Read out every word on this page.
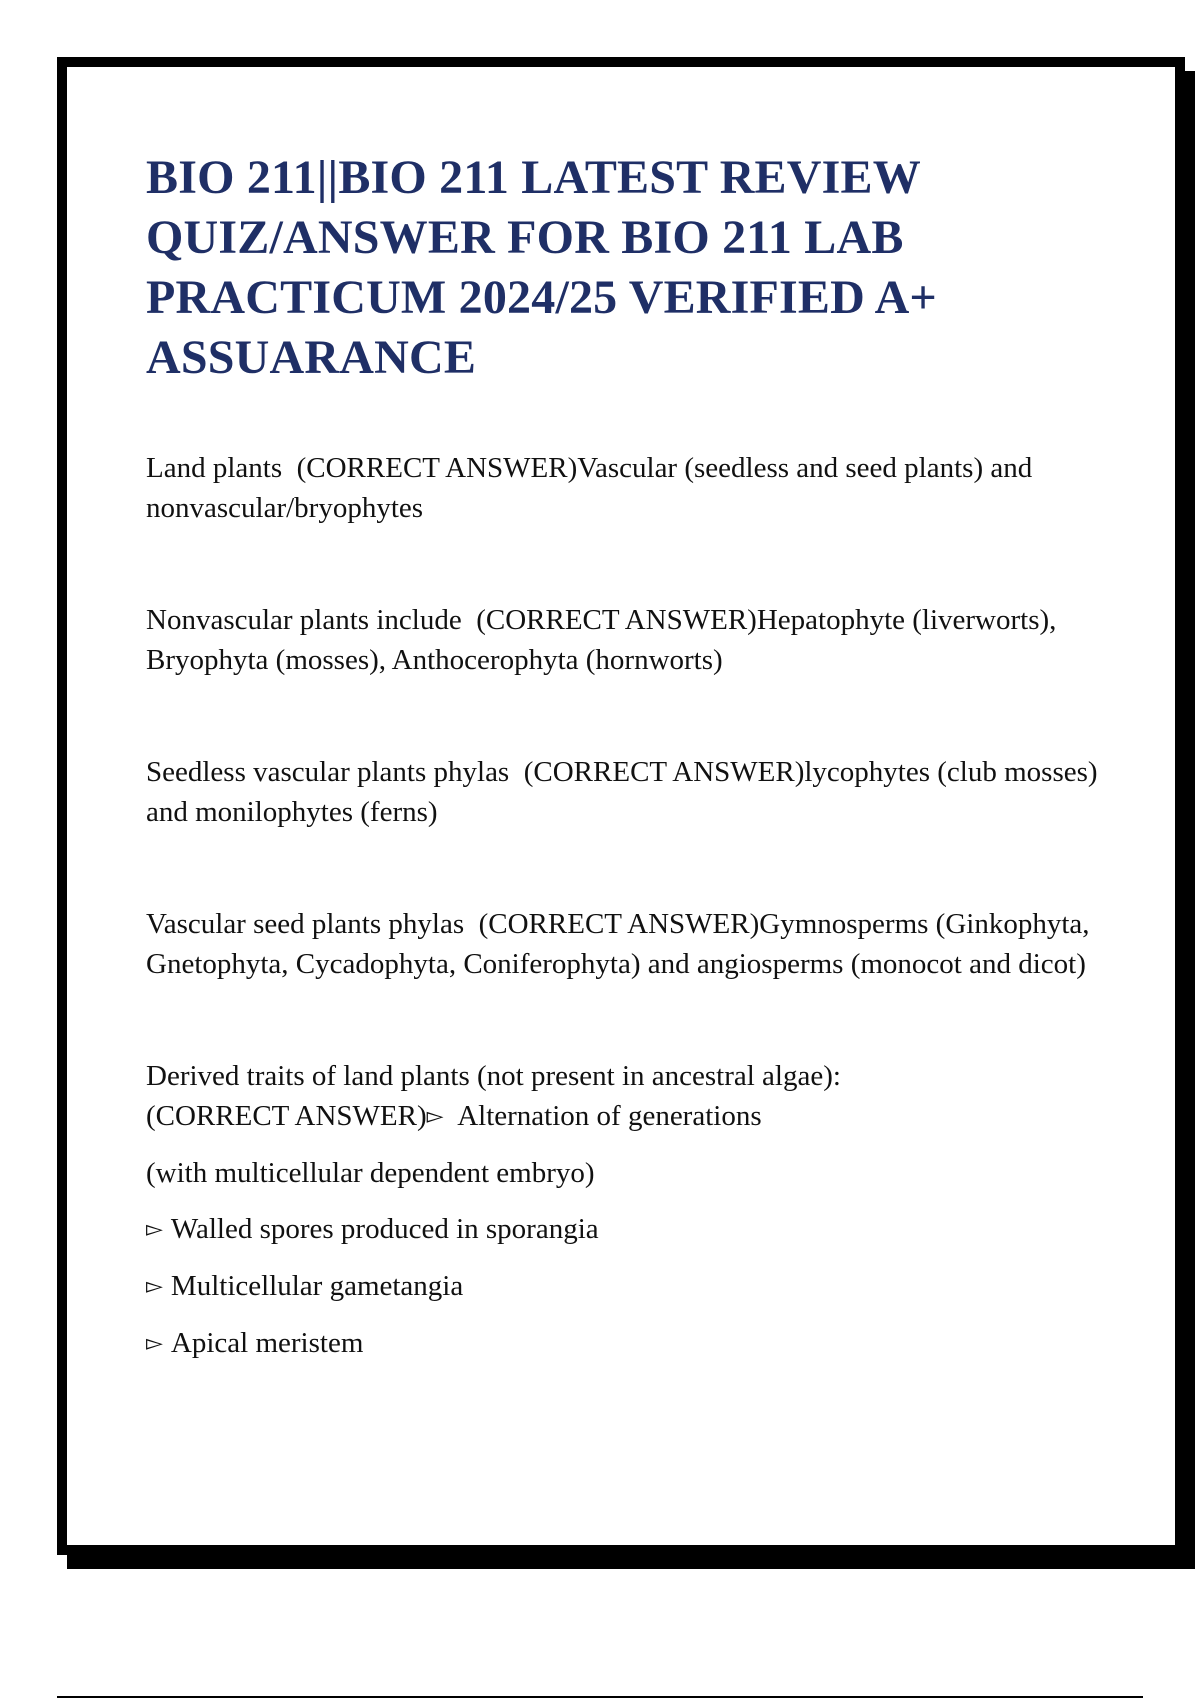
BIO 211||BIO 211 LATEST REVIEW QUIZ/ANSWER FOR BIO 211 LAB PRACTICUM 2024/25 VERIFIED A+ ASSUARANCE

Land plants  (CORRECT ANSWER)Vascular (seedless and seed plants) and nonvascular/bryophytes

Nonvascular plants include  (CORRECT ANSWER)Hepatophyte (liverworts), Bryophyta (mosses), Anthocerophyta (hornworts)

Seedless vascular plants phylas  (CORRECT ANSWER)lycophytes (club mosses) and monilophytes (ferns)

Vascular seed plants phylas  (CORRECT ANSWER)Gymnosperms (Ginkophyta, Gnetophyta, Cycadophyta, Coniferophyta) and angiosperms (monocot and dicot)

Derived traits of land plants (not present in ancestral algae):
(CORRECT ANSWER)▻ Alternation of generations

(with multicellular dependent embryo)

▻ Walled spores produced in sporangia

▻ Multicellular gametangia

▻ Apical meristem
